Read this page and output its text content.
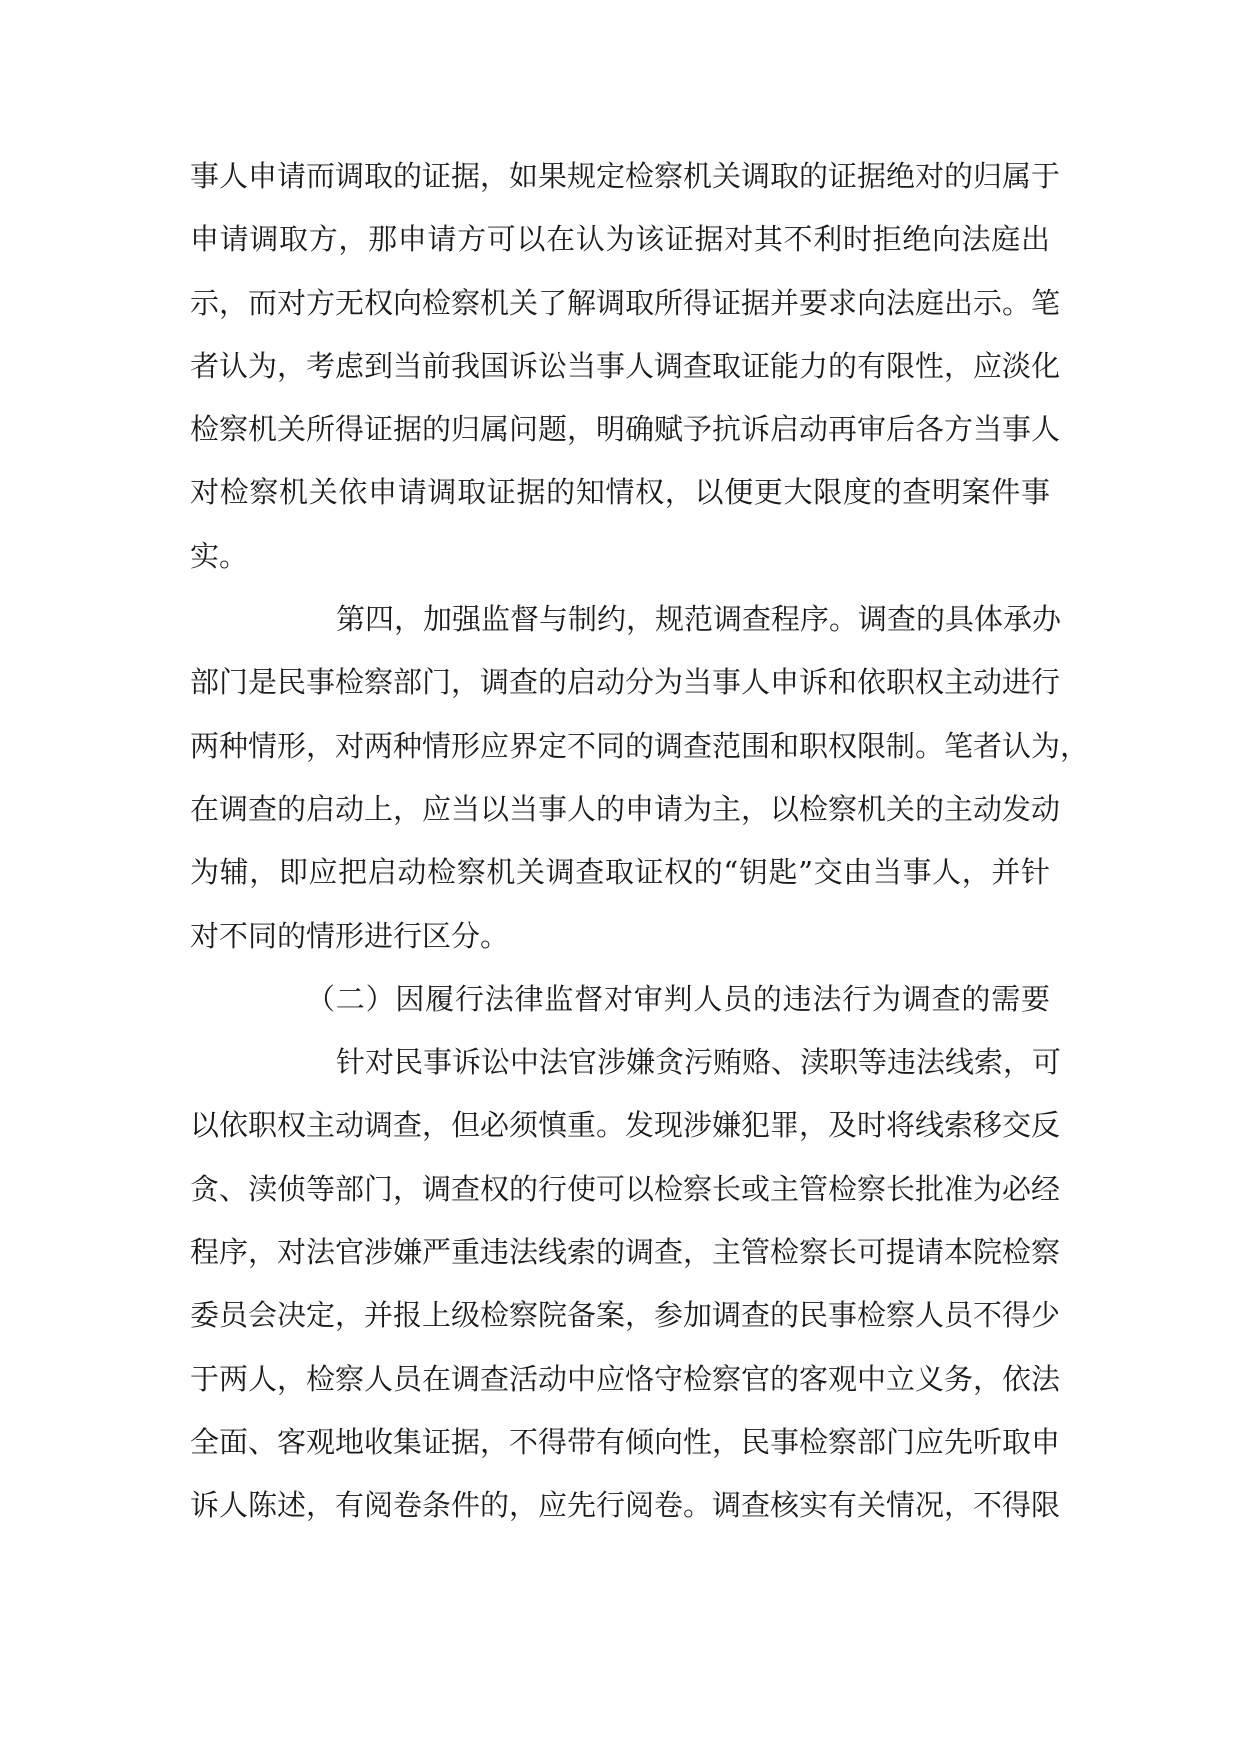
事人申请而调取的证据，如果规定检察机关调取的证据绝对的归属于
申请调取方，那申请方可以在认为该证据对其不利时拒绝向法庭出
示，而对方无权向检察机关了解调取所得证据并要求向法庭出示。笔
者认为，考虑到当前我国诉讼当事人调查取证能力的有限性，应淡化
检察机关所得证据的归属问题，明确赋予抗诉启动再审后各方当事人
对检察机关依申请调取证据的知情权，以便更大限度的查明案件事
实。
第四，加强监督与制约，规范调查程序。调查的具体承办
部门是民事检察部门，调查的启动分为当事人申诉和依职权主动进行
两种情形，对两种情形应界定不同的调查范围和职权限制。笔者认为，
在调查的启动上，应当以当事人的申请为主，以检察机关的主动发动
为辅，即应把启动检察机关调查取证权的“钥匙”交由当事人，并针
对不同的情形进行区分。
（二）因履行法律监督对审判人员的违法行为调查的需要
针对民事诉讼中法官涉嫌贪污贿赂、渎职等违法线索，可
以依职权主动调查，但必须慎重。发现涉嫌犯罪，及时将线索移交反
贪、渎侦等部门，调查权的行使可以检察长或主管检察长批准为必经
程序，对法官涉嫌严重违法线索的调查，主管检察长可提请本院检察
委员会决定，并报上级检察院备案，参加调查的民事检察人员不得少
于两人，检察人员在调查活动中应恪守检察官的客观中立义务，依法
全面、客观地收集证据，不得带有倾向性，民事检察部门应先听取申
诉人陈述，有阅卷条件的，应先行阅卷。调查核实有关情况，不得限
